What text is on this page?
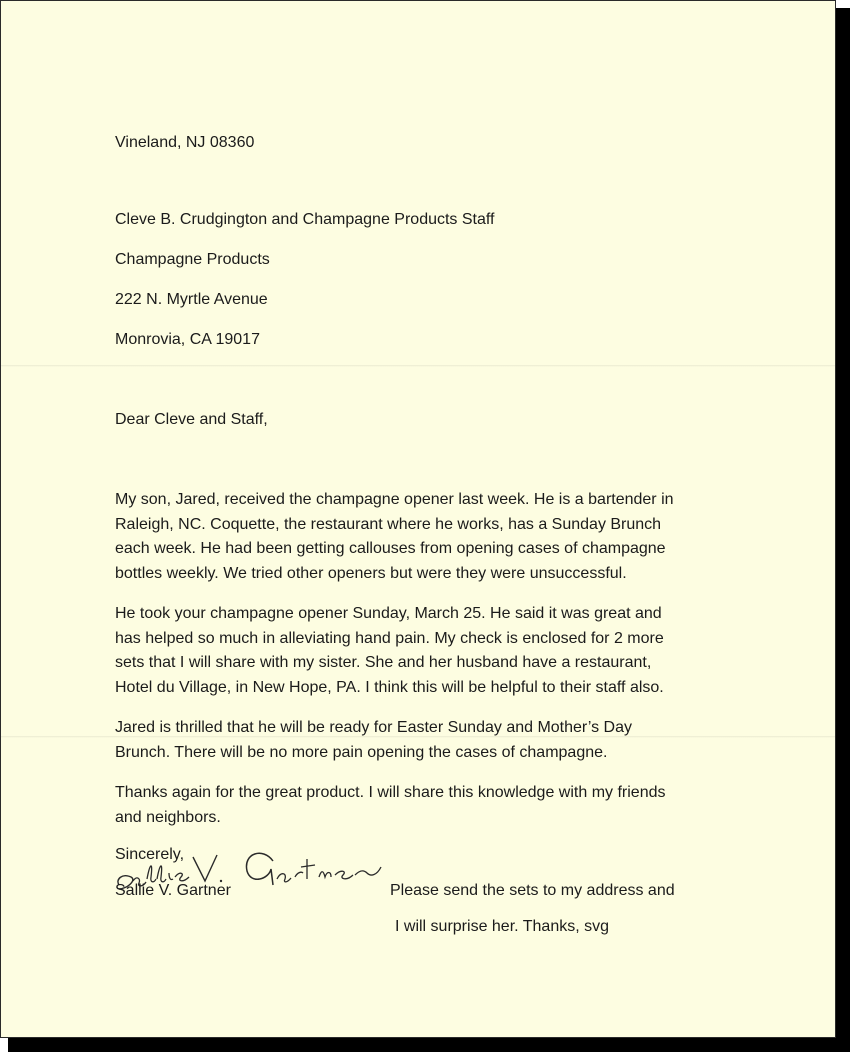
Vineland, NJ 08360

Cleve B. Crudgington and Champagne Products Staff

Champagne Products

222 N. Myrtle Avenue

Monrovia, CA 19017

Dear Cleve and Staff,

My son, Jared, received the champagne opener last week. He is a bartender in
Raleigh, NC. Coquette, the restaurant where he works, has a Sunday Brunch
each week. He had been getting callouses from opening cases of champagne
bottles weekly. We tried other openers but were they were unsuccessful.
He took your champagne opener Sunday, March 25. He said it was great and
has helped so much in alleviating hand pain. My check is enclosed for 2 more
sets that I will share with my sister. She and her husband have a restaurant,
Hotel du Village, in New Hope, PA. I think this will be helpful to their staff also.
Jared is thrilled that he will be ready for Easter Sunday and Mother’s Day
Brunch. There will be no more pain opening the cases of champagne.
Thanks again for the great product. I will share this knowledge with my friends
and neighbors.

Sincerely,

Sallie V. Gartner	Please send the sets to my address and

I will surprise her. Thanks, svg
